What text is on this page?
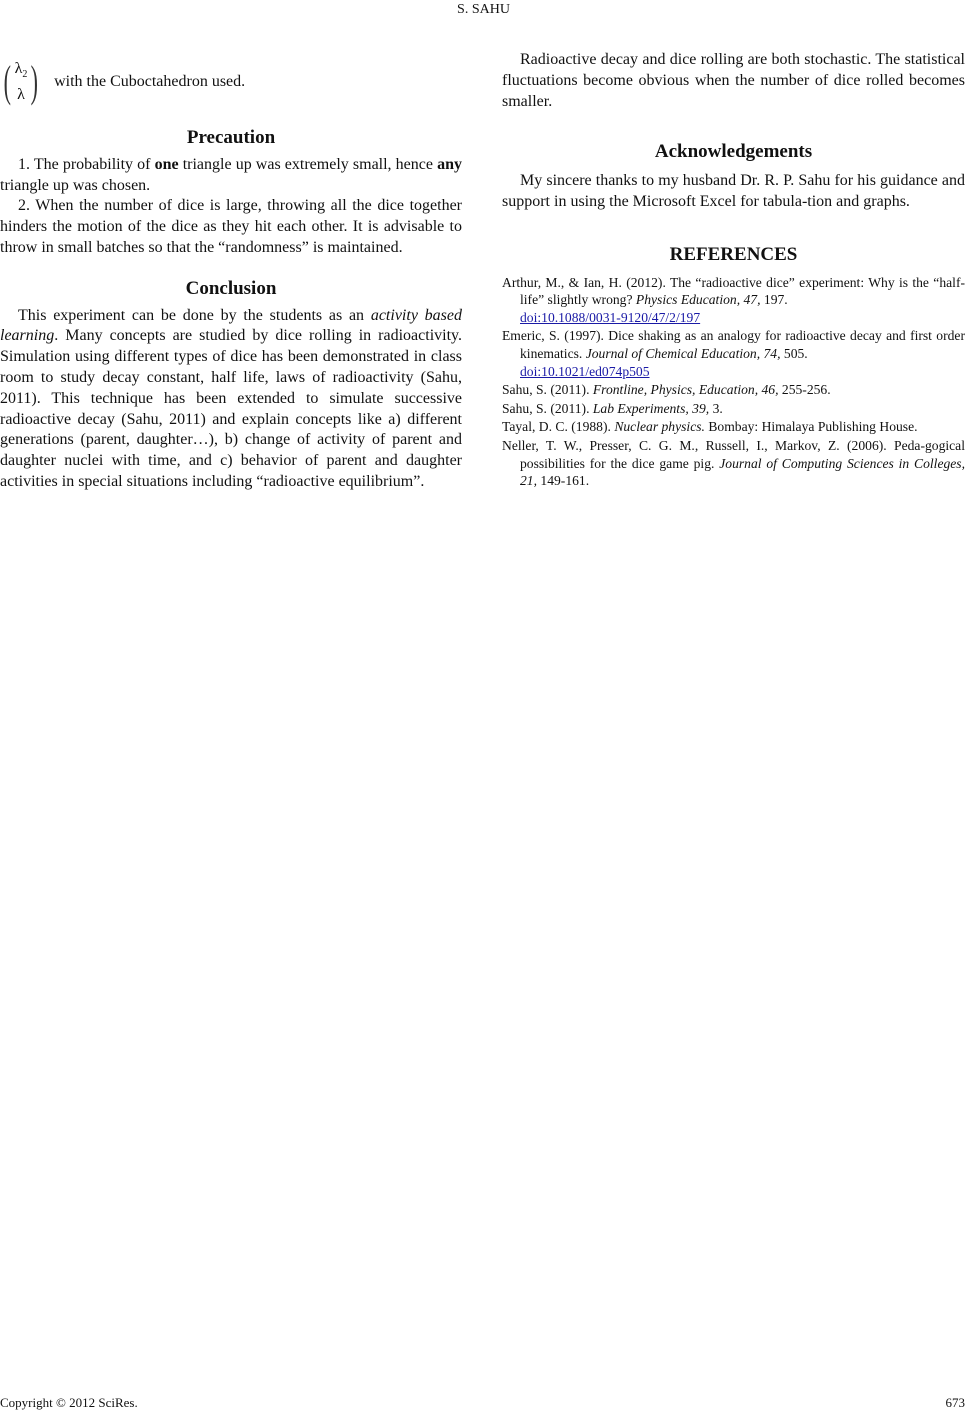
S. SAHU
( $\lambda_2$
λ ) with the Cuboctahedron used.
Precaution

1. The probability of one triangle up was extremely small, hence any triangle up was chosen.

2. When the number of dice is large, throwing all the dice together hinders the motion of the dice as they hit each other. It is advisable to throw in small batches so that the “randomness” is maintained.

Conclusion

This experiment can be done by the students as an activity based learning. Many concepts are studied by dice rolling in radioactivity. Simulation using different types of dice has been demonstrated in class room to study decay constant, half life, laws of radioactivity (Sahu, 2011). This technique has been extended to simulate successive radioactive decay (Sahu, 2011) and explain concepts like a) different generations (parent, daughter…), b) change of activity of parent and daughter nuclei with time, and c) behavior of parent and daughter activities in special situations including “radioactive equilibrium”.

Radioactive decay and dice rolling are both stochastic. The statistical fluctuations become obvious when the number of dice rolled becomes smaller.

Acknowledgements

My sincere thanks to my husband Dr. R. P. Sahu for his guidance and support in using the Microsoft Excel for tabula-tion and graphs.

REFERENCES
Arthur, M., & Ian, H. (2012). The “radioactive dice” experiment: Why is the “half-life” slightly wrong? Physics Education, 47, 197.
doi:10.1088/0031-9120/47/2/197
Emeric, S. (1997). Dice shaking as an analogy for radioactive decay and first order kinematics. Journal of Chemical Education, 74, 505.
doi:10.1021/ed074p505
Sahu, S. (2011). Frontline, Physics, Education, 46, 255-256.
Sahu, S. (2011). Lab Experiments, 39, 3.
Tayal, D. C. (1988). Nuclear physics. Bombay: Himalaya Publishing House.
Neller, T. W., Presser, C. G. M., Russell, I., Markov, Z. (2006). Peda-gogical possibilities for the dice game pig. Journal of Computing Sciences in Colleges, 21, 149-161.
Copyright © 2012 SciRes.	673
